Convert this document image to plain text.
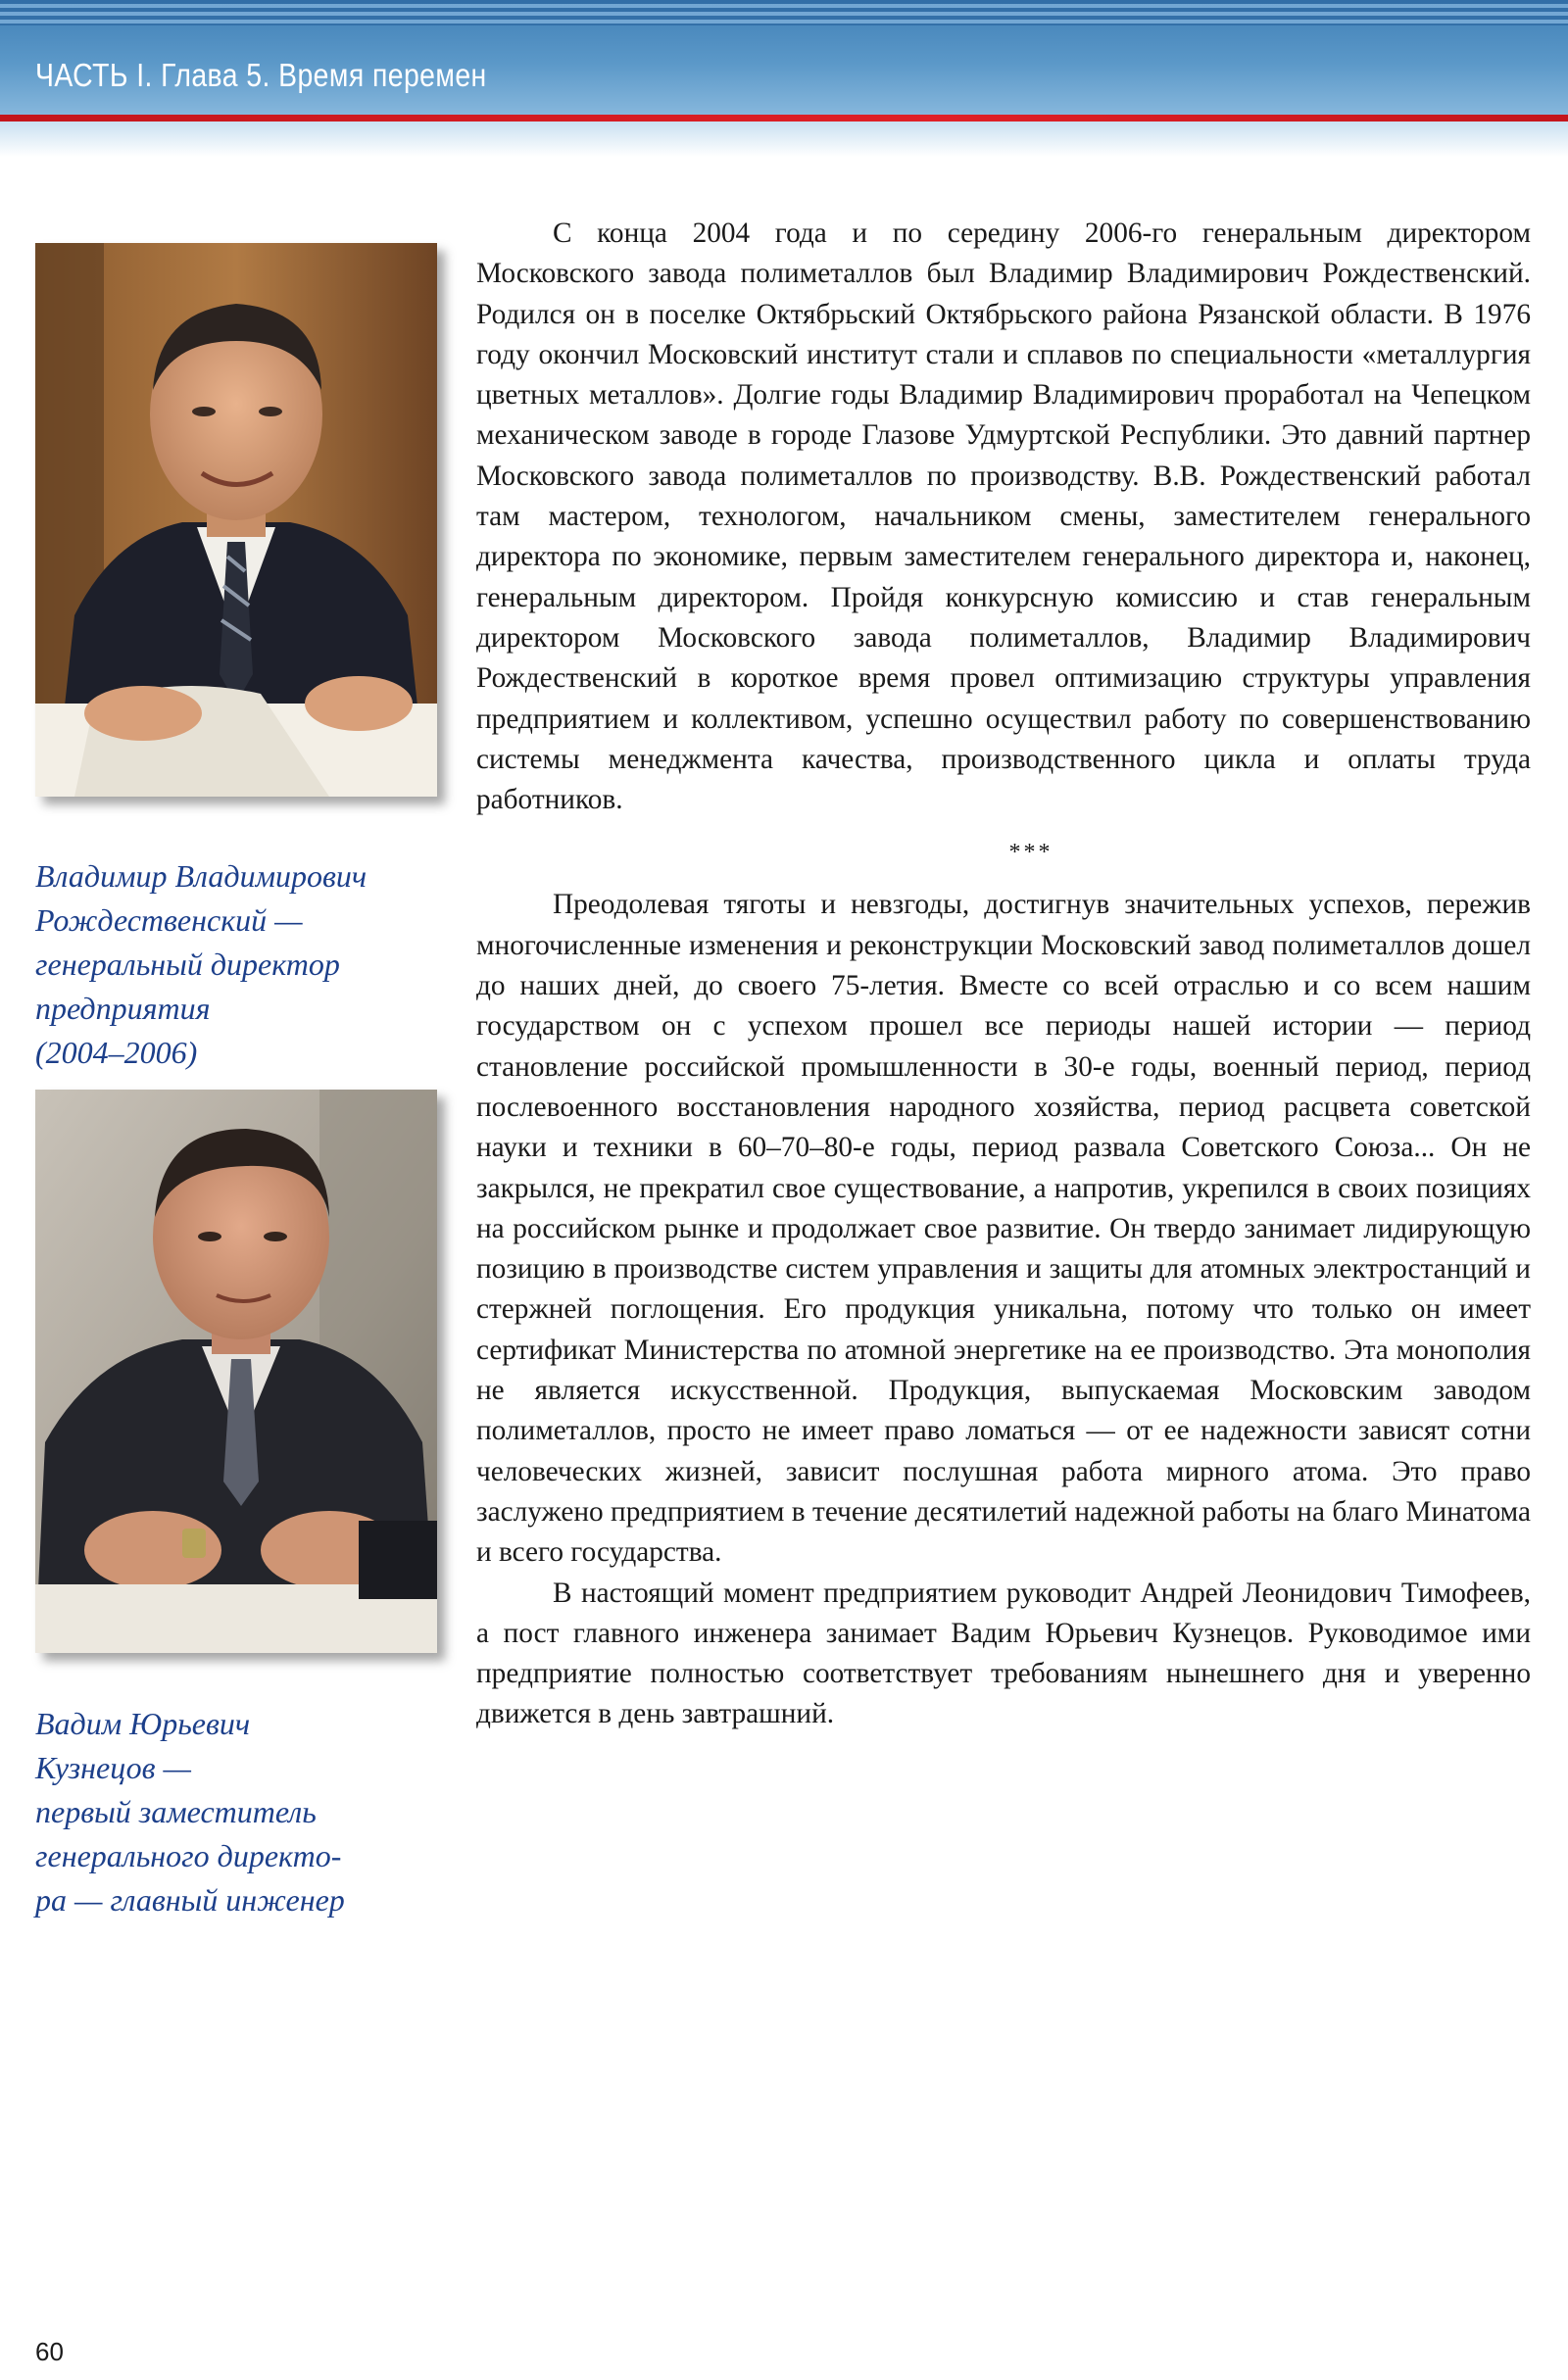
ЧАСТЬ I. Глава 5. Время перемен
Владимир Владимирович
Рождественский —
генеральный директор
предприятия
(2004–2006)
Вадим Юрьевич
Кузнецов —
первый заместитель
генерального директо-
ра — главный инженер

С конца 2004 года и по середину 2006-го генеральным директором Московского завода полиметаллов был Владимир Владимирович Рождественский. Родился он в поселке Октябрьский Октябрьского района Рязанской области. В 1976 году окончил Московский институт стали и сплавов по специальности «металлургия цветных металлов». Долгие годы Владимир Владимирович проработал на Чепецком механическом заводе в городе Глазове Удмуртской Республики. Это давний партнер Московского завода полиметаллов по производству. В.В. Рождественский работал там мастером, технологом, начальником смены, заместителем генерального директора по экономике, первым заместителем генерального директора и, наконец, генеральным директором. Пройдя конкурсную комиссию и став генеральным директором Московского завода полиметаллов, Владимир Владимирович Рождественский в короткое время провел оптимизацию структуры управления предприятием и коллективом, успешно осуществил работу по совершенствованию системы менеджмента качества, производственного цикла и оплаты труда работников.

***

Преодолевая тяготы и невзгоды, достигнув значительных успехов, пережив многочисленные изменения и реконструкции Московский завод полиметаллов дошел до наших дней, до своего 75-летия. Вместе со всей отраслью и со всем нашим государством он с успехом прошел все периоды нашей истории — период становление российской промышленности в 30-е годы, военный период, период послевоенного восстановления народного хозяйства, период расцвета советской науки и техники в 60–70–80-е годы, период развала Советского Союза... Он не закрылся, не прекратил свое существование, а напротив, укрепился в своих позициях на российском рынке и продолжает свое развитие. Он твердо занимает лидирующую позицию в производстве систем управления и защиты для атомных электростанций и стержней поглощения. Его продукция уникальна, потому что только он имеет сертификат Министерства по атомной энергетике на ее производство. Эта монополия не является искусственной. Продукция, выпускаемая Московским заводом полиметаллов, просто не имеет право ломаться — от ее надежности зависят сотни человеческих жизней, зависит послушная работа мирного атома. Это право заслужено предприятием в течение десятилетий надежной работы на благо Минатома и всего государства.

В настоящий момент предприятием руководит Андрей Леонидович Тимофеев, а пост главного инженера занимает Вадим Юрьевич Кузнецов. Руководимое ими предприятие полностью соответствует требованиям нынешнего дня и уверенно движется в день завтрашний.

60
